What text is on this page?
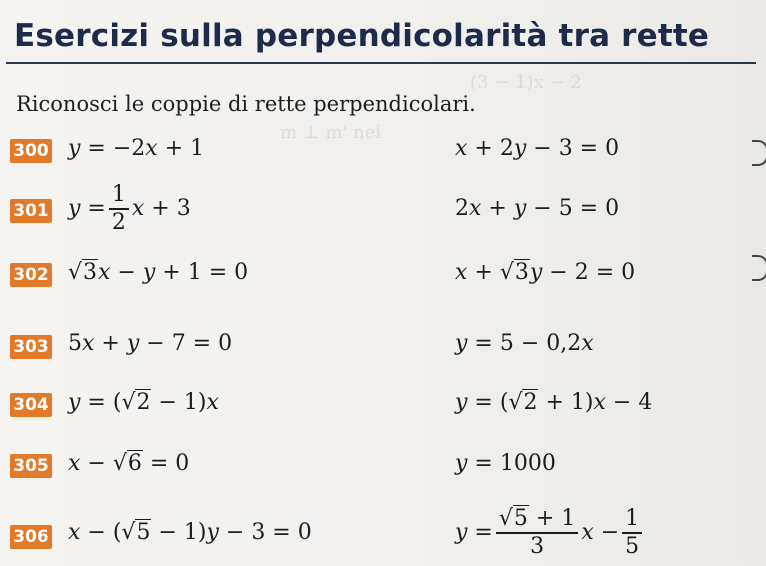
Esercizi sulla perpendicolarità tra rette
Riconosci le coppie di rette perpendicolari.
(3 − 1)x − 2
m ⊥ m' nei
300 y = −2x + 1	x + 2y − 3 = 0
301 $y = \frac{1}{2}$ x + 3	2x + y − 5 = 0
302 √3x − y + 1 = 0	x + √3y − 2 = 0
303 5x + y − 7 = 0	y = 5 − 0,2x
304 y = (√2 − 1)x	y = (√2 + 1)x − 4
305 x − √6 = 0	y = 1000
306 x − (√5 − 1)y − 3 = 0	$y = \frac{√5 + 1}{3}$ $x - \frac{1}{5}$
